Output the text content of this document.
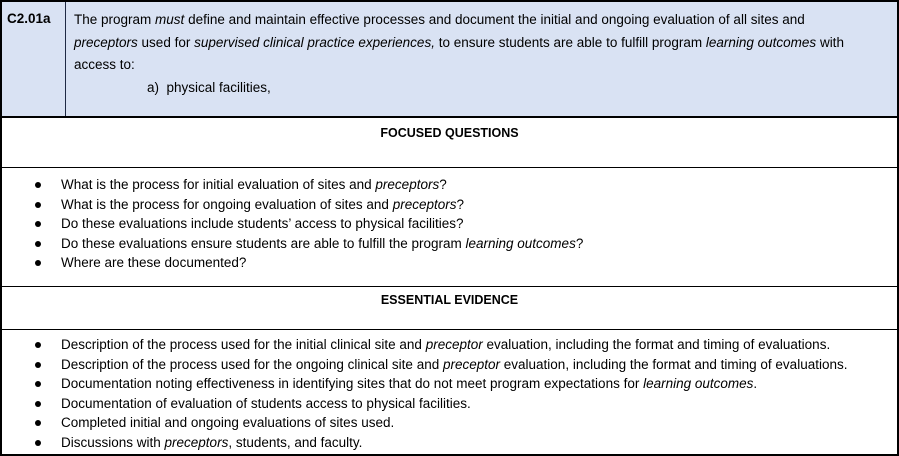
C2.01a	The program must define and maintain effective processes and document the initial and ongoing evaluation of all sites and
preceptors used for supervised clinical practice experiences, to ensure students are able to fulfill program learning outcomes with
access to:
a)  physical facilities,
FOCUSED QUESTIONS
What is the process for initial evaluation of sites and preceptors?
What is the process for ongoing evaluation of sites and preceptors?
Do these evaluations include students’ access to physical facilities?
Do these evaluations ensure students are able to fulfill the program learning outcomes?
Where are these documented?
ESSENTIAL EVIDENCE
Description of the process used for the initial clinical site and preceptor evaluation, including the format and timing of evaluations.
Description of the process used for the ongoing clinical site and preceptor evaluation, including the format and timing of evaluations.
Documentation noting effectiveness in identifying sites that do not meet program expectations for learning outcomes.
Documentation of evaluation of students access to physical facilities.
Completed initial and ongoing evaluations of sites used.
Discussions with preceptors, students, and faculty.
